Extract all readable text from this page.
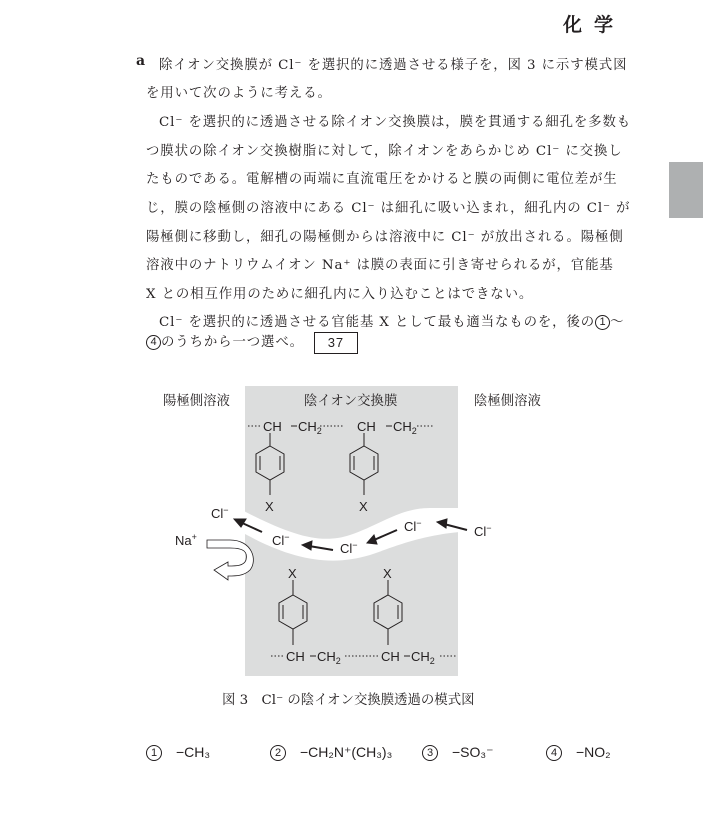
化学
a 除イオン交換膜が Cl⁻ を選択的に透過させる様子を，図 3 に示す模式図
を用いて次のように考える。
Cl⁻ を選択的に透過させる除イオン交換膜は，膜を貫通する細孔を多数も
つ膜状の除イオン交換樹脂に対して，除イオンをあらかじめ Cl⁻ に交換し
たものである。電解槽の両端に直流電圧をかけると膜の両側に電位差が生
じ，膜の陰極側の溶液中にある Cl⁻ は細孔に吸い込まれ，細孔内の Cl⁻ が
陽極側に移動し，細孔の陽極側からは溶液中に Cl⁻ が放出される。陽極側
溶液中のナトリウムイオン Na⁺ は膜の表面に引き寄せられるが，官能基
X との相互作用のために細孔内に入り込むことはできない。
Cl⁻ を選択的に透過させる官能基 X として最も適当なものを，後の 1 ～
4 のうちから一つ選べ。 37
CH $CH_2$	CH $CH_2$
X	X
X	X
CH $CH_2$	CH $CH_2$
Cl−
Cl−
Cl−
Cl−
Cl−
Na+
陽極側溶液	陰イオン交換膜	陰極側溶液
図 3　Cl⁻ の陰イオン交換膜透過の模式図
1 −CH₃	2 −CH₂N⁺(CH₃)₃	3 −SO₃⁻	4 −NO₂
